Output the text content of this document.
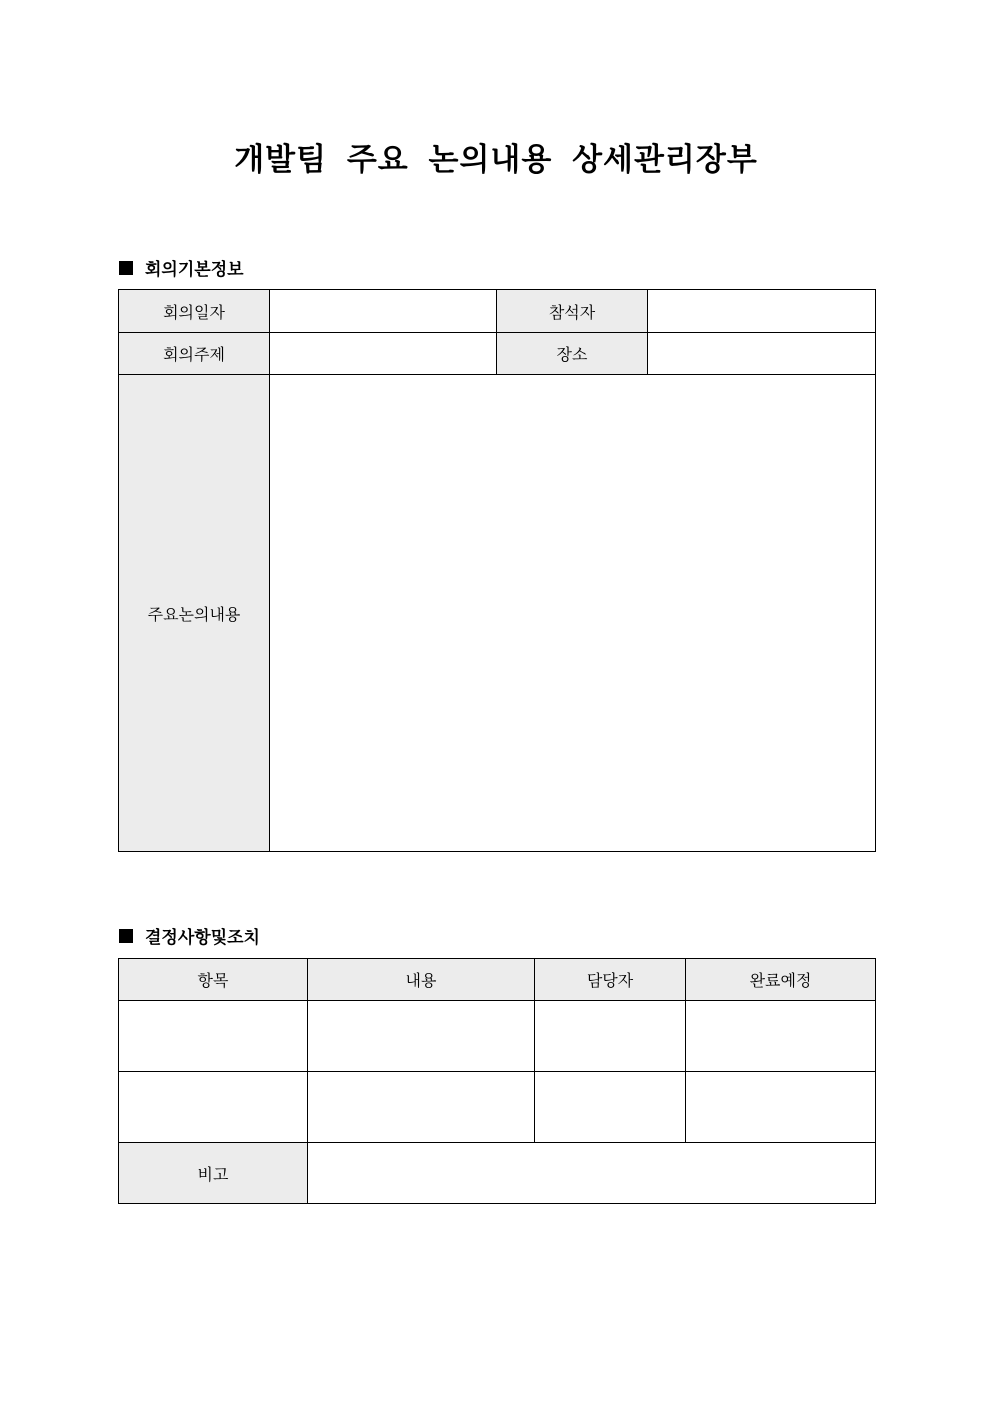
개발팀 주요 논의내용 상세관리장부
회의기본정보
회의일자		참석자	
회의주제		장소	
주요논의내용			
결정사항및조치
항목	내용	담당자	완료예정

비고			
